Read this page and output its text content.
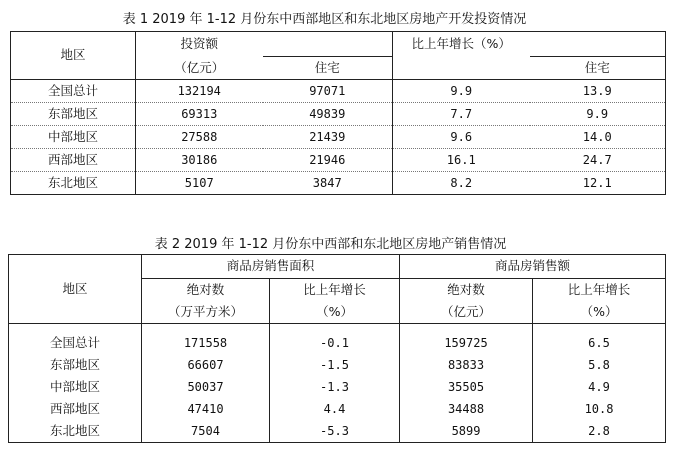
表 1 2019 年 1-12 月份东中西部地区和东北地区房地产开发投资情况
地区	投资额		比上年增长（%）	
	（亿元）	住宅		住宅
全国总计	132194	97071	9.9	13.9
东部地区	69313	49839	7.7	9.9
中部地区	27588	21439	9.6	14.0
西部地区	30186	21946	16.1	24.7
东北地区	5107	3847	8.2	12.1
表 2 2019 年 1-12 月份东中西部和东北地区房地产销售情况
地区	商品房销售面积		商品房销售额	
	绝对数	比上年增长	绝对数	比上年增长
	（万平方米）	（%）	（亿元）	（%）

全国总计	171558	-0.1	159725	6.5
东部地区	66607	-1.5	83833	5.8
中部地区	50037	-1.3	35505	4.9
西部地区	47410	4.4	34488	10.8
东北地区	7504	-5.3	5899	2.8
